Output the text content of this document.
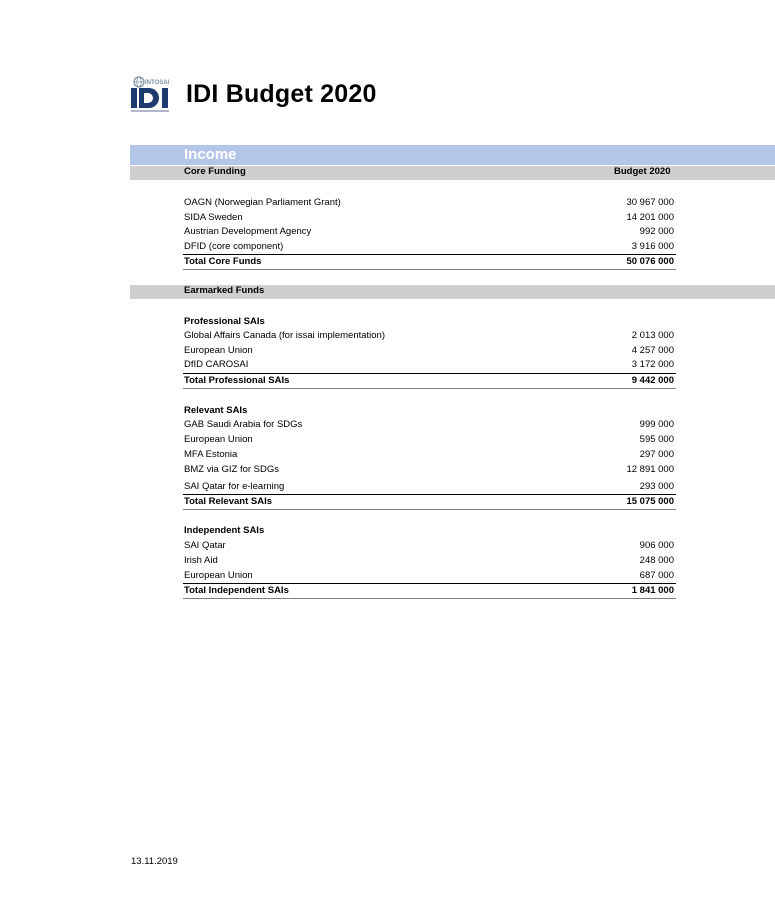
INTOSAI IDI Budget 2020
Income
Core Funding	Budget 2020
OAGN (Norwegian Parliament Grant)	30 967 000
SIDA Sweden	14 201 000
Austrian Development Agency	992 000
DFID (core component)	3 916 000
Total Core Funds	50 076 000
Earmarked Funds
Professional SAIs
Global Affairs Canada (for issai implementation)	2 013 000
European Union	4 257 000
DfID CAROSAI	3 172 000
Total Professional SAIs	9 442 000
Relevant SAIs
GAB Saudi Arabia for SDGs	999 000
European Union	595 000
MFA Estonia	297 000
BMZ via GIZ for SDGs	12 891 000
SAI Qatar for e-learning	293 000
Total Relevant SAIs	15 075 000
Independent SAIs
SAI Qatar	906 000
Irish Aid	248 000
European Union	687 000
Total Independent SAIs	1 841 000
13.11.2019
